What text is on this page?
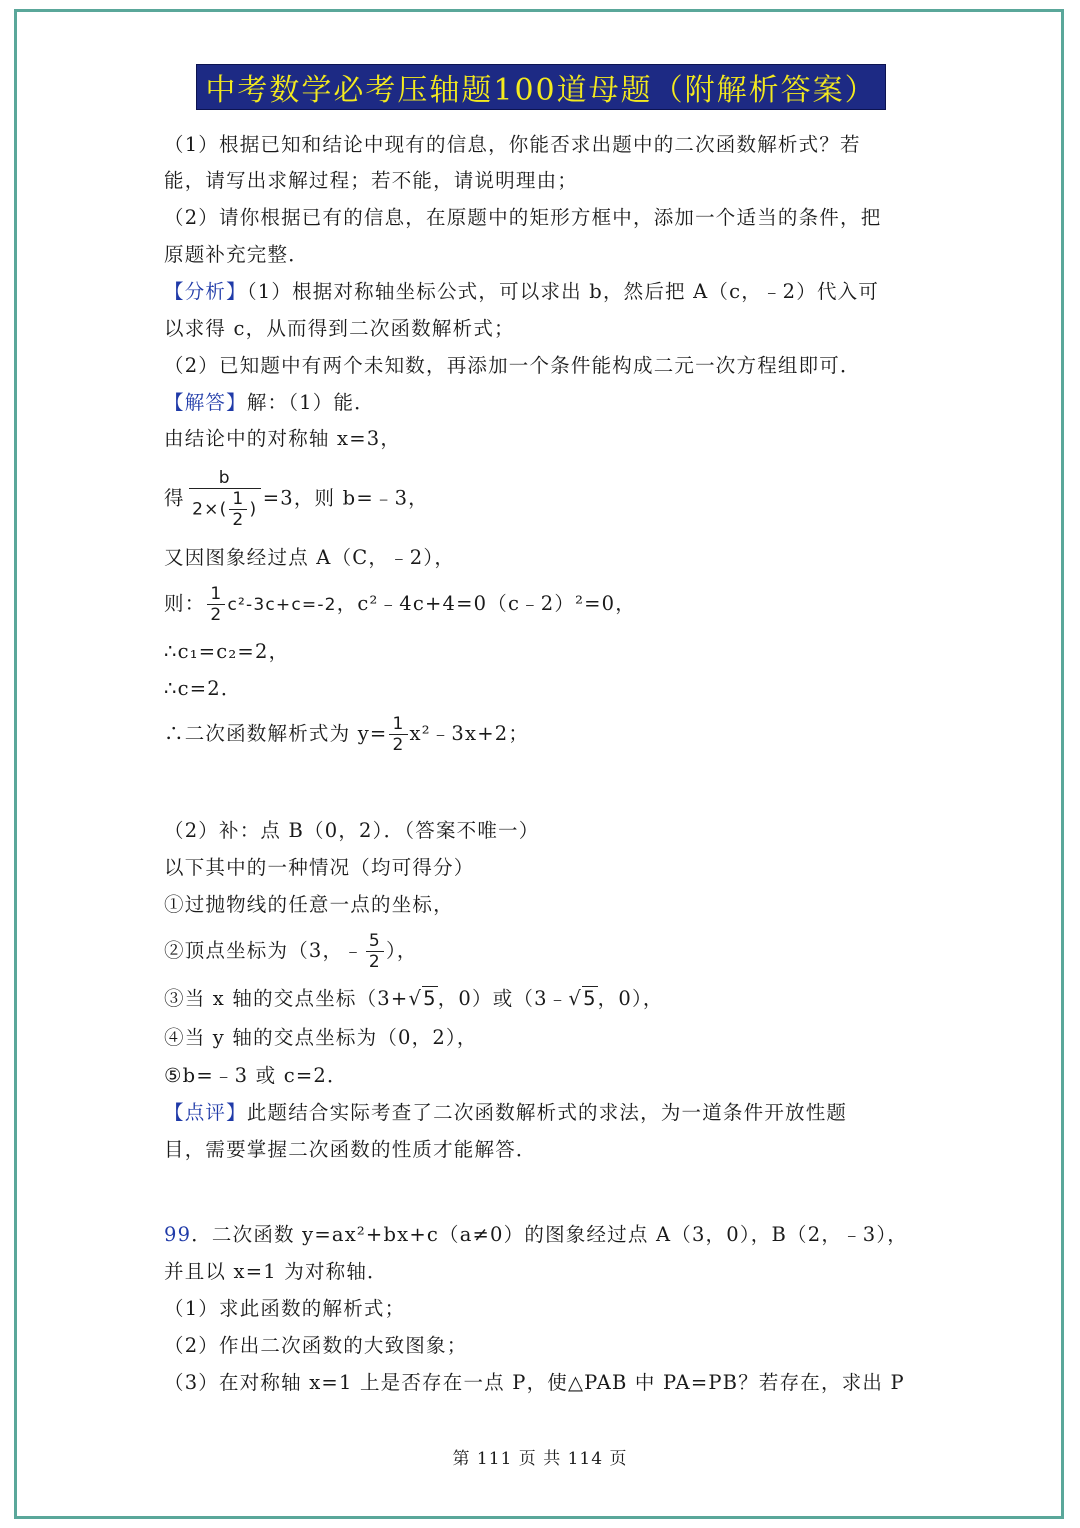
中考数学必考压轴题100道母题（附解析答案）
（1）根据已知和结论中现有的信息，你能否求出题中的二次函数解析式？若
能，请写出求解过程；若不能，请说明理由；
（2）请你根据已有的信息，在原题中的矩形方框中，添加一个适当的条件，把
原题补充完整．
【分析】（1）根据对称轴坐标公式，可以求出 b，然后把 A（c，﹣2）代入可
以求得 c，从而得到二次函数解析式；
（2）已知题中有两个未知数，再添加一个条件能构成二元一次方程组即可．
【解答】解：（1）能．
由结论中的对称轴 x=3，
得 $\frac{b}{2\times( \frac{1}{2} )} =3$，则 b=﹣3，
又因图象经过点 A（C，﹣2），
则： $\frac{1}{2} c^2-3c+c=-2$，c²﹣4c+4=0（c﹣2）²=0，
∴c₁=c₂=2，
∴c=2．
∴二次函数解析式为 $y= \frac{1}{2}$ x²﹣3x+2；
（2）补：点 B（0，2）．（答案不唯一）
以下其中的一种情况（均可得分）
①过抛物线的任意一点的坐标，
②顶点坐标为（3，﹣ $\frac{5}{2}$ ），
③当 x 轴的交点坐标（3+√5，0）或（3﹣√5，0），
④当 y 轴的交点坐标为（0，2），
⑤b=﹣3 或 c=2．
【点评】此题结合实际考查了二次函数解析式的求法，为一道条件开放性题
目，需要掌握二次函数的性质才能解答．
99．二次函数 y=ax²+bx+c（a≠0）的图象经过点 A（3，0），B（2，﹣3），
并且以 x=1 为对称轴．
（1）求此函数的解析式；
（2）作出二次函数的大致图象；
（3）在对称轴 x=1 上是否存在一点 P，使△PAB 中 PA=PB？若存在，求出 P
第 111 页 共 114 页
